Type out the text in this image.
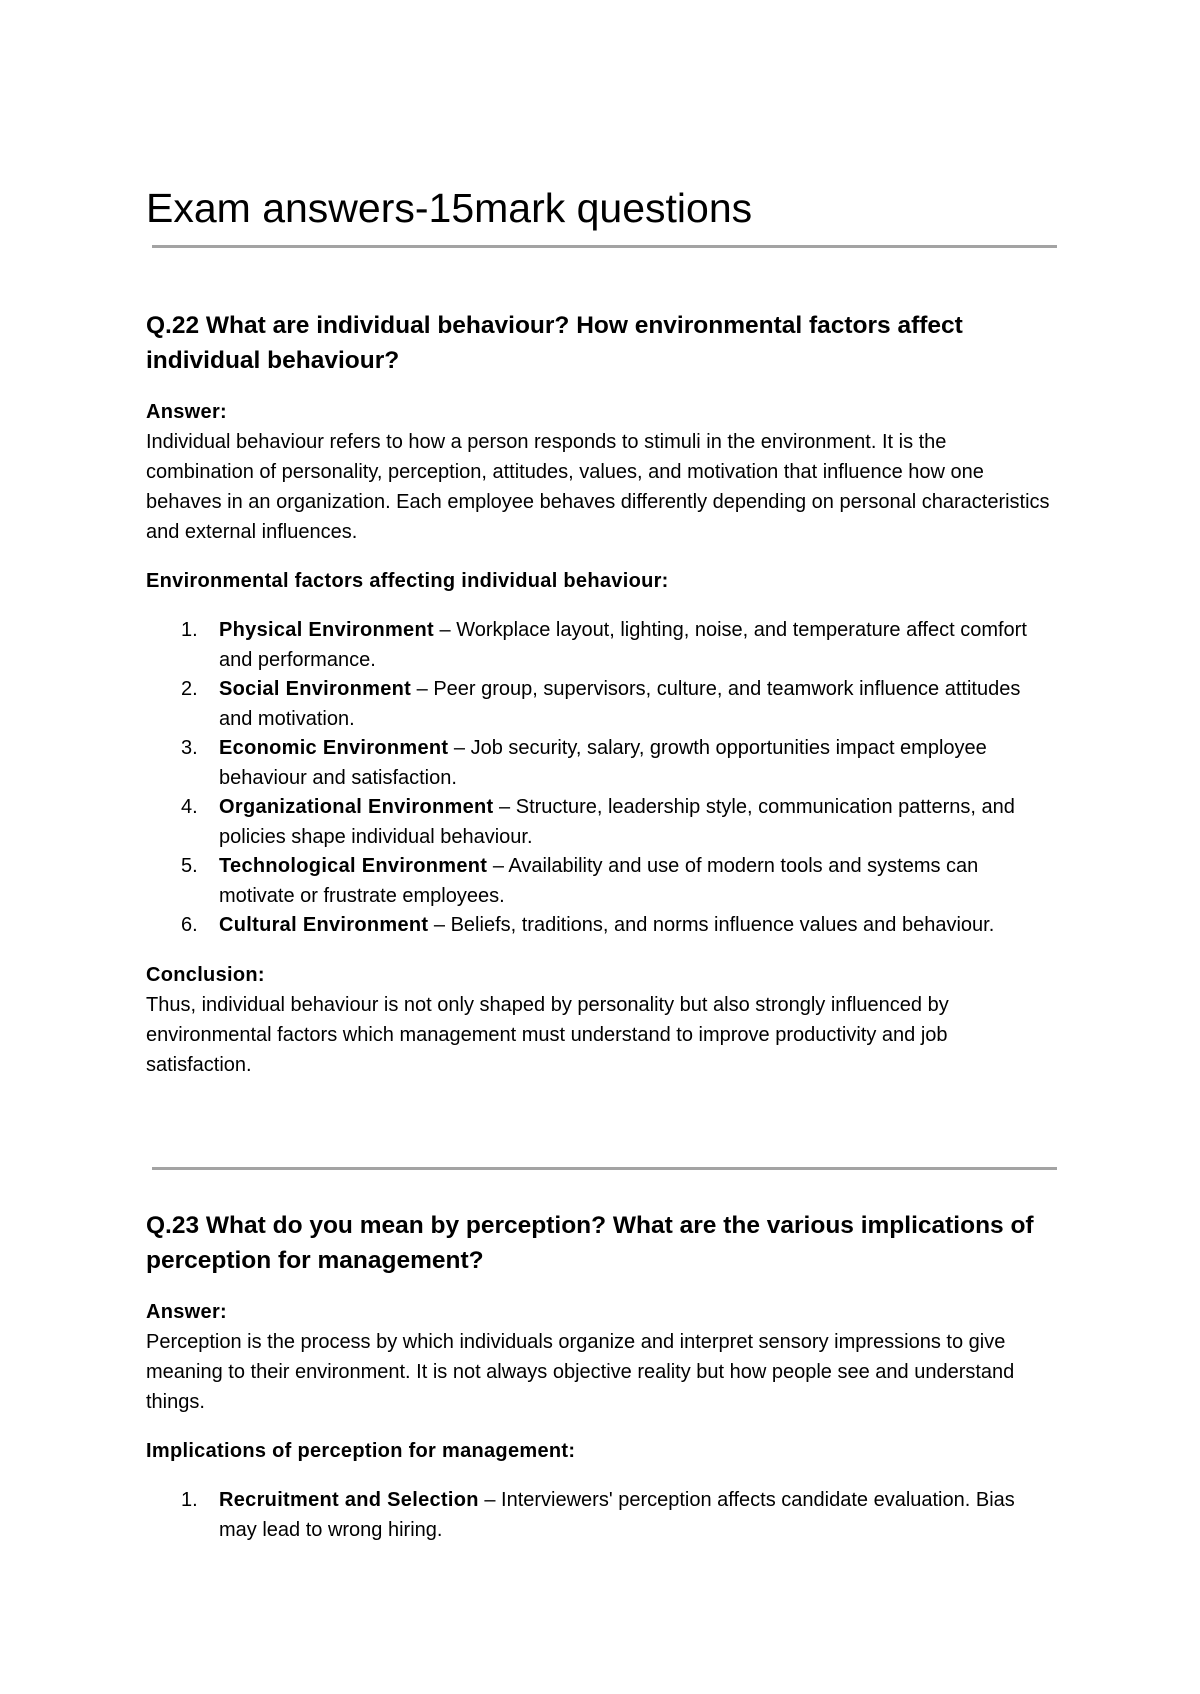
Exam answers-15mark questions
Q.22 What are individual behaviour? How environmental factors affect individual behaviour?

Answer:

Individual behaviour refers to how a person responds to stimuli in the environment. It is the combination of personality, perception, attitudes, values, and motivation that influence how one behaves in an organization. Each employee behaves differently depending on personal characteristics and external influences.

Environmental factors affecting individual behaviour:

1. Physical Environment – Workplace layout, lighting, noise, and temperature affect comfort and performance.
2. Social Environment – Peer group, supervisors, culture, and teamwork influence attitudes and motivation.
3. Economic Environment – Job security, salary, growth opportunities impact employee behaviour and satisfaction.
4. Organizational Environment – Structure, leadership style, communication patterns, and policies shape individual behaviour.
5. Technological Environment – Availability and use of modern tools and systems can motivate or frustrate employees.
6. Cultural Environment – Beliefs, traditions, and norms influence values and behaviour.

Conclusion:

Thus, individual behaviour is not only shaped by personality but also strongly influenced by environmental factors which management must understand to improve productivity and job satisfaction.

Q.23 What do you mean by perception? What are the various implications of perception for management?

Answer:

Perception is the process by which individuals organize and interpret sensory impressions to give meaning to their environment. It is not always objective reality but how people see and understand things.

Implications of perception for management:

1. Recruitment and Selection – Interviewers' perception affects candidate evaluation. Bias may lead to wrong hiring.
